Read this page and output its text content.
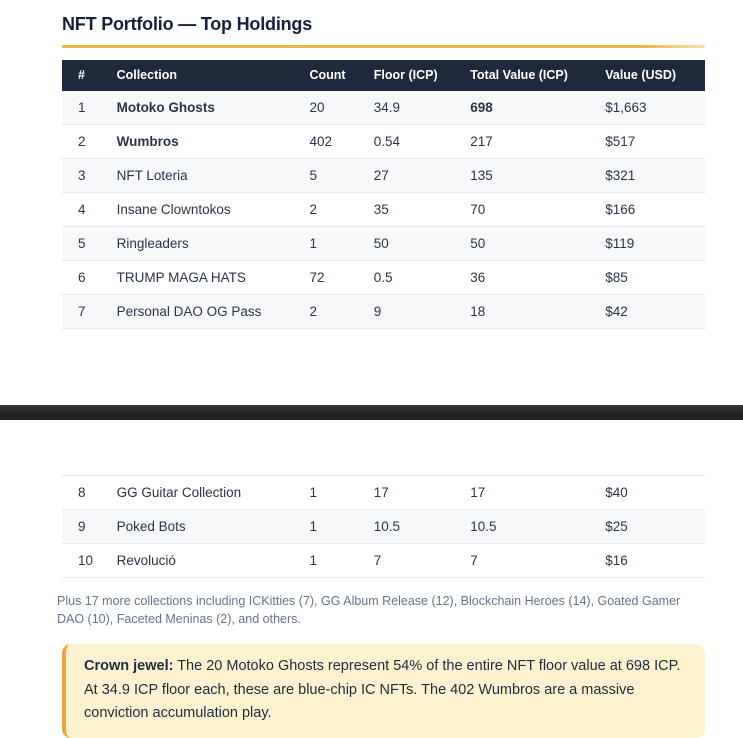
NFT Portfolio — Top Holdings
#	Collection	Count	Floor (ICP)	Total Value (ICP)	Value (USD)
1	Motoko Ghosts	20	34.9	698	$1,663
2	Wumbros	402	0.54	217	$517
3	NFT Loteria	5	27	135	$321
4	Insane Clowntokos	2	35	70	$166
5	Ringleaders	1	50	50	$119
6	TRUMP MAGA HATS	72	0.5	36	$85
7	Personal DAO OG Pass	2	9	18	$42
8	GG Guitar Collection	1	17	17	$40
9	Poked Bots	1	10.5	10.5	$25
10	Revolució	1	7	7	$16

Plus 17 more collections including ICKitties (7), GG Album Release (12), Blockchain Heroes (14), Goated Gamer DAO (10), Faceted Meninas (2), and others.

Crown jewel: The 20 Motoko Ghosts represent 54% of the entire NFT floor value at 698 ICP. At 34.9 ICP floor each, these are blue-chip IC NFTs. The 402 Wumbros are a massive conviction accumulation play.
